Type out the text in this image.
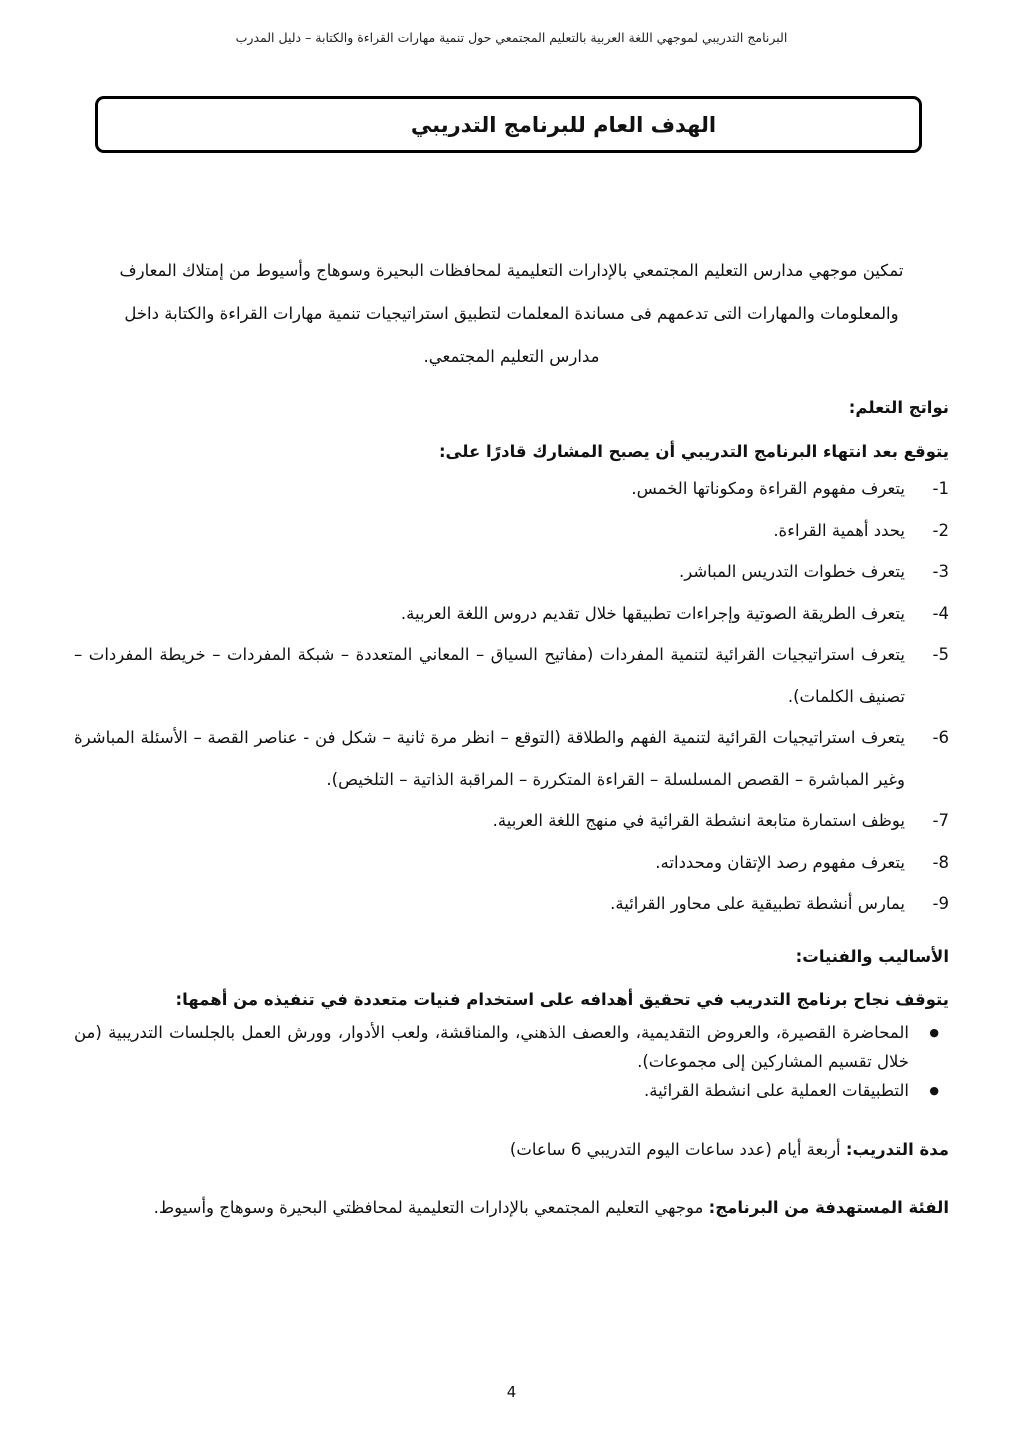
البرنامج التدريبي لموجهي اللغة العربية بالتعليم المجتمعي حول تنمية مهارات القراءة والكتابة – دليل المدرب
الهدف العام للبرنامج التدريبي

تمكين موجهي مدارس التعليم المجتمعي بالإدارات التعليمية لمحافظات البحيرة وسوهاج وأسيوط من إمتلاك المعارف
والمعلومات والمهارات التى تدعمهم فى مساندة المعلمات لتطبيق استراتيجيات تنمية مهارات القراءة والكتابة داخل
مدارس التعليم المجتمعي.

نواتج التعلم:

يتوقع بعد انتهاء البرنامج التدريبي أن يصبح المشارك قادرًا على:

1-
يتعرف مفهوم القراءة ومكوناتها الخمس.
2-
يحدد أهمية القراءة.
3-
يتعرف خطوات التدريس المباشر.
4-
يتعرف الطريقة الصوتية وإجراءات تطبيقها خلال تقديم دروس اللغة العربية.
5-
يتعرف استراتيجيات القرائية لتنمية المفردات (مفاتيح السياق – المعاني المتعددة – شبكة المفردات – خريطة المفردات – تصنيف الكلمات).
6-
يتعرف استراتيجيات القرائية لتنمية الفهم والطلاقة (التوقع – انظر مرة ثانية – شكل فن - عناصر القصة – الأسئلة المباشرة وغير المباشرة – القصص المسلسلة – القراءة المتكررة – المراقبة الذاتية – التلخيص).
7-
يوظف استمارة متابعة انشطة القرائية في منهج اللغة العربية.
8-
يتعرف مفهوم رصد الإتقان ومحدداته.
9-
يمارس أنشطة تطبيقية على محاور القرائية.

الأساليب والفنيات:

يتوقف نجاح برنامج التدريب في تحقيق أهدافه على استخدام فنيات متعددة في تنفيذه من أهمها:

●
المحاضرة القصيرة، والعروض التقديمية، والعصف الذهني، والمناقشة، ولعب الأدوار، وورش العمل بالجلسات التدريبية (من خلال تقسيم المشاركين إلى مجموعات).
●
التطبيقات العملية على انشطة القرائية.

مدة التدريب: أربعة أيام (عدد ساعات اليوم التدريبي 6 ساعات)

الفئة المستهدفة من البرنامج: موجهي التعليم المجتمعي بالإدارات التعليمية لمحافظتي البحيرة وسوهاج وأسيوط.

4
